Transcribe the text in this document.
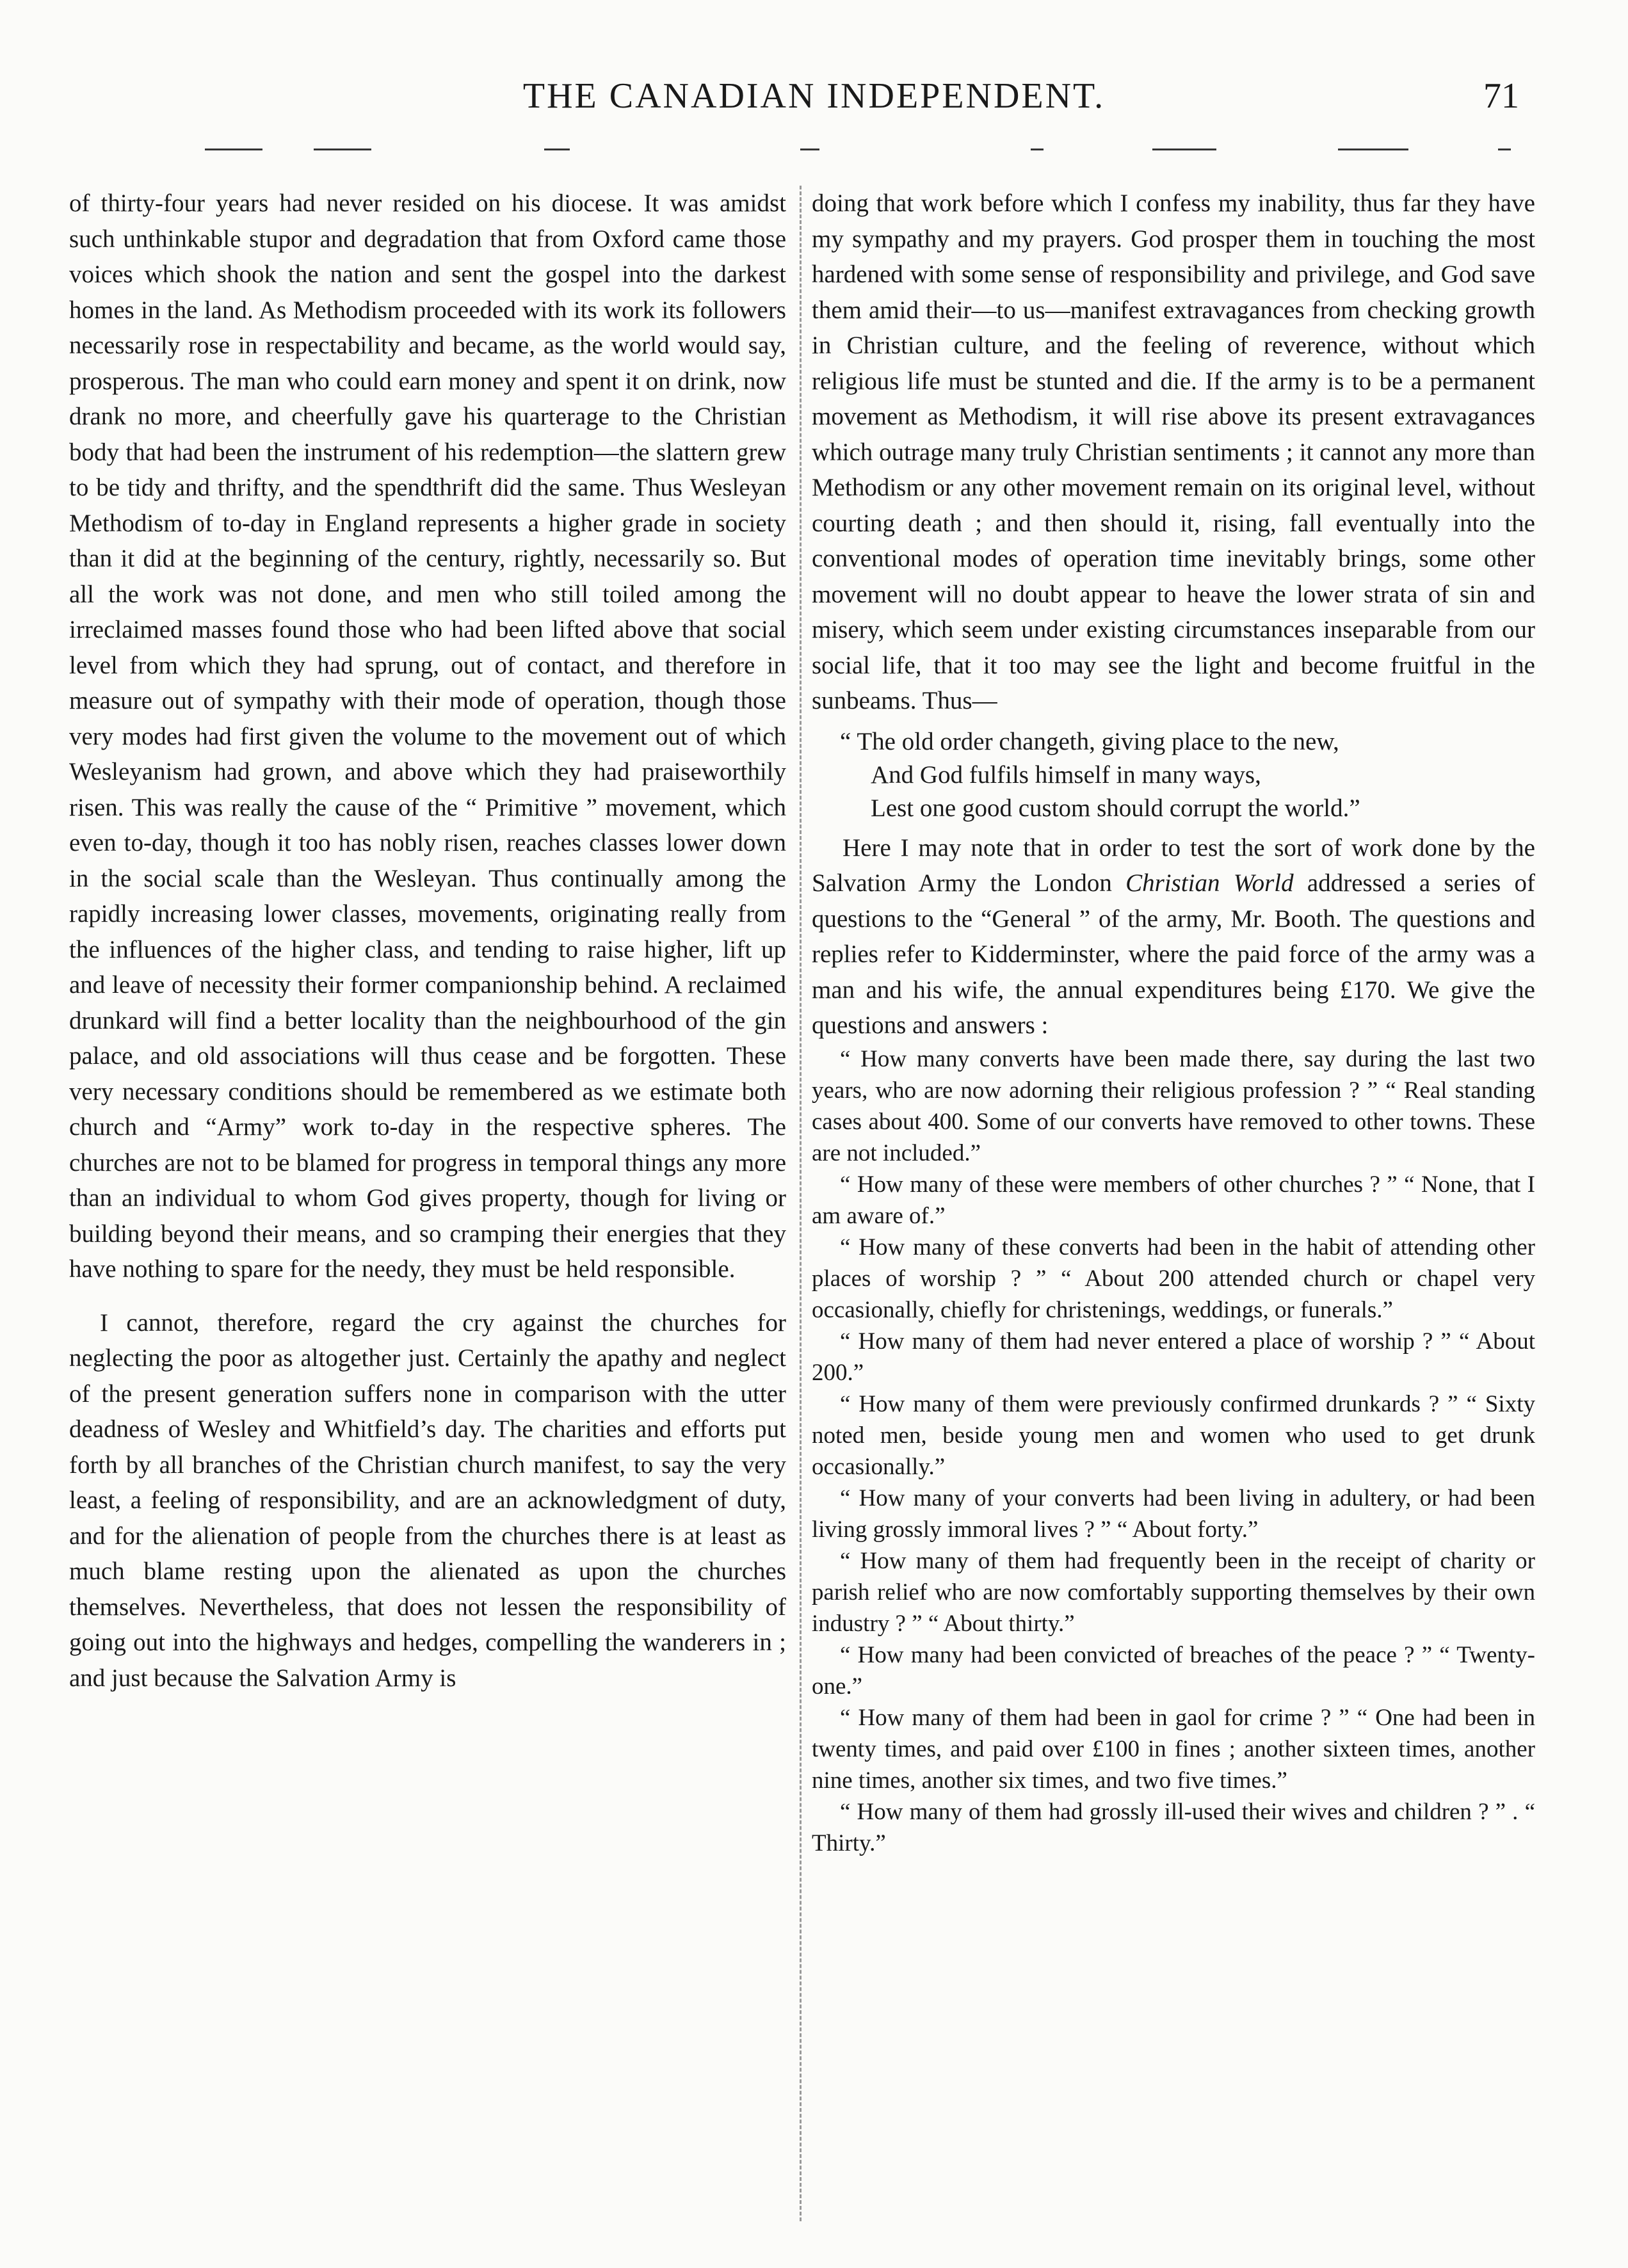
THE CANADIAN INDEPENDENT.	71

of thirty-four years had never resided on his diocese. It was amidst such unthinkable stupor and degradation that from Oxford came those voices which shook the nation and sent the gospel into the darkest homes in the land. As Methodism proceeded with its work its followers necessarily rose in respectability and became, as the world would say, prosperous. The man who could earn money and spent it on drink, now drank no more, and cheerfully gave his quarterage to the Christian body that had been the instrument of his redemption—the slattern grew to be tidy and thrifty, and the spendthrift did the same. Thus Wesleyan Methodism of to-day in England represents a higher grade in society than it did at the beginning of the century, rightly, necessarily so. But all the work was not done, and men who still toiled among the irreclaimed masses found those who had been lifted above that social level from which they had sprung, out of contact, and therefore in measure out of sympathy with their mode of operation, though those very modes had first given the volume to the movement out of which Wesleyanism had grown, and above which they had praiseworthily risen. This was really the cause of the “ Primitive ” movement, which even to-day, though it too has nobly risen, reaches classes lower down in the social scale than the Wesleyan. Thus continually among the rapidly increasing lower classes, movements, originating really from the influences of the higher class, and tending to raise higher, lift up and leave of necessity their former companionship behind. A reclaimed drunkard will find a better locality than the neighbourhood of the gin palace, and old associations will thus cease and be forgotten. These very necessary conditions should be remembered as we estimate both church and “Army” work to-day in the respective spheres. The churches are not to be blamed for progress in temporal things any more than an individual to whom God gives property, though for living or building beyond their means, and so cramping their energies that they have nothing to spare for the needy, they must be held responsible.

I cannot, therefore, regard the cry against the churches for neglecting the poor as altogether just. Certainly the apathy and neglect of the present generation suffers none in comparison with the utter deadness of Wesley and Whitfield’s day. The charities and efforts put forth by all branches of the Christian church manifest, to say the very least, a feeling of responsibility, and are an acknowledgment of duty, and for the alienation of people from the churches there is at least as much blame resting upon the alienated as upon the churches themselves. Nevertheless, that does not lessen the responsibility of going out into the highways and hedges, compelling the wanderers in ; and just because the Salvation Army is

doing that work before which I confess my inability, thus far they have my sympathy and my prayers. God prosper them in touching the most hardened with some sense of responsibility and privilege, and God save them amid their—to us—manifest extravagances from checking growth in Christian culture, and the feeling of reverence, without which religious life must be stunted and die. If the army is to be a permanent movement as Methodism, it will rise above its present extravagances which outrage many truly Christian sentiments ; it cannot any more than Methodism or any other movement remain on its original level, without courting death ; and then should it, rising, fall eventually into the conventional modes of operation time inevitably brings, some other movement will no doubt appear to heave the lower strata of sin and misery, which seem under existing circumstances inseparable from our social life, that it too may see the light and become fruitful in the sunbeams. Thus—

“ The old order changeth, giving place to the new,
And God fulfils himself in many ways,
Lest one good custom should corrupt the world.”

Here I may note that in order to test the sort of work done by the Salvation Army the London Christian World addressed a series of questions to the “General ” of the army, Mr. Booth. The questions and replies refer to Kidderminster, where the paid force of the army was a man and his wife, the annual expenditures being £170. We give the questions and answers :

“ How many converts have been made there, say during the last two years, who are now adorning their religious profession ? ” “ Real standing cases about 400. Some of our converts have removed to other towns. These are not included.”

“ How many of these were members of other churches ? ” “ None, that I am aware of.”

“ How many of these converts had been in the habit of attending other places of worship ? ” “ About 200 attended church or chapel very occasionally, chiefly for christenings, weddings, or funerals.”

“ How many of them had never entered a place of worship ? ” “ About 200.”

“ How many of them were previously confirmed drunkards ? ” “ Sixty noted men, beside young men and women who used to get drunk occasionally.”

“ How many of your converts had been living in adultery, or had been living grossly immoral lives ? ” “ About forty.”

“ How many of them had frequently been in the receipt of charity or parish relief who are now comfortably supporting themselves by their own industry ? ” “ About thirty.”

“ How many had been convicted of breaches of the peace ? ” “ Twenty-one.”

“ How many of them had been in gaol for crime ? ” “ One had been in twenty times, and paid over £100 in fines ; another sixteen times, another nine times, another six times, and two five times.”

“ How many of them had grossly ill-used their wives and children ? ” . “ Thirty.”
